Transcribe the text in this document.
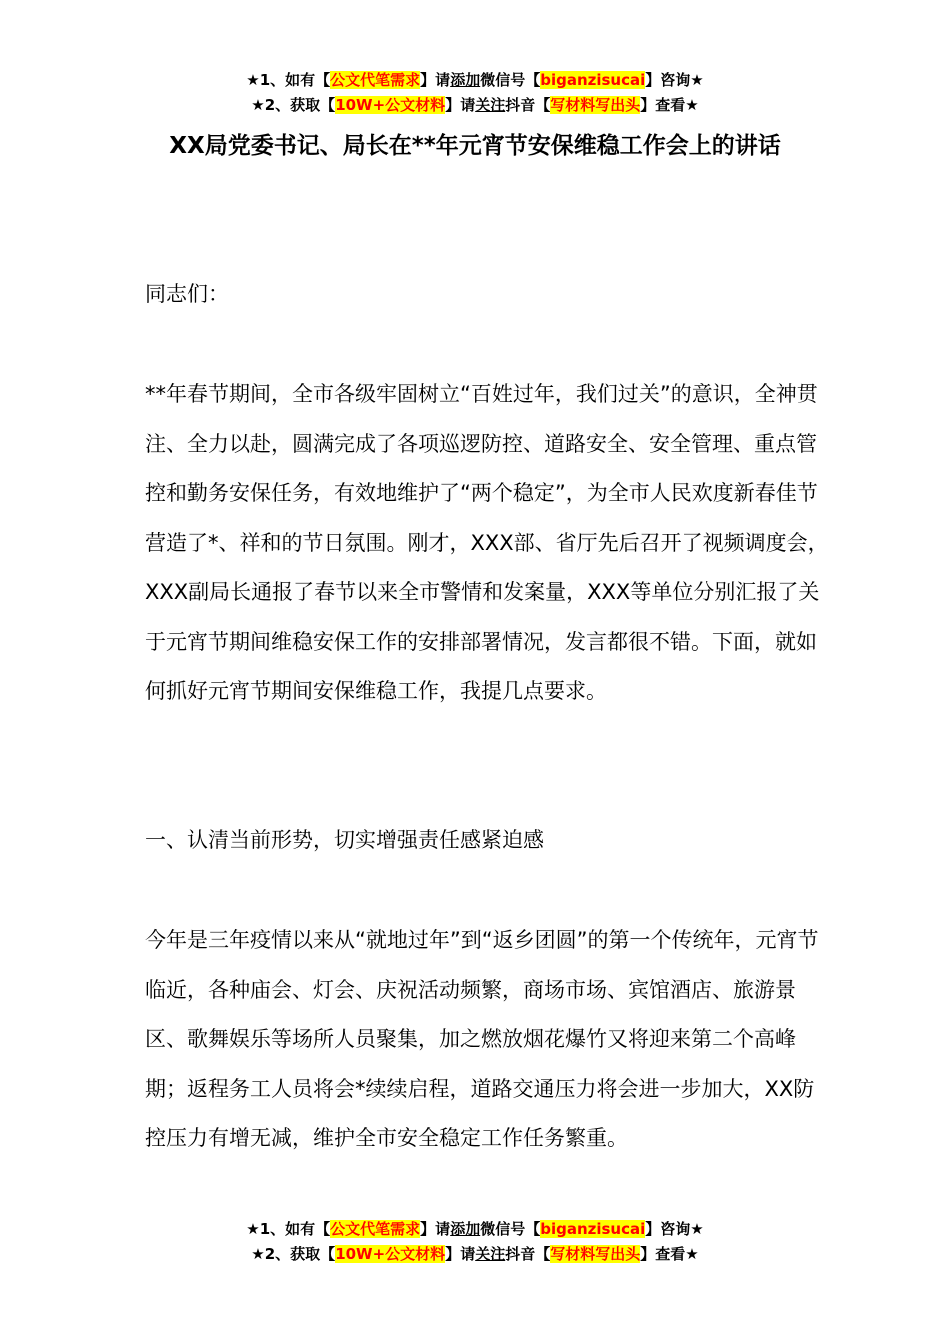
★1、如有【公文代笔需求】请添加微信号【biganzisucai】咨询★
★2、获取【10W+公文材料】请关注抖音【写材料写出头】查看★
XX局党委书记、局长在**年元宵节安保维稳工作会上的讲话

同志们：

**年春节期间，全市各级牢固树立“百姓过年，我们过关”的意识，全神贯注、全力以赴，圆满完成了各项巡逻防控、道路安全、安全管理、重点管控和勤务安保任务，有效地维护了“两个稳定”，为全市人民欢度新春佳节营造了*、祥和的节日氛围。刚才，XXX部、省厅先后召开了视频调度会，XXX副局长通报了春节以来全市警情和发案量，XXX等单位分别汇报了关于元宵节期间维稳安保工作的安排部署情况，发言都很不错。下面，就如何抓好元宵节期间安保维稳工作，我提几点要求。

一、认清当前形势，切实增强责任感紧迫感

今年是三年疫情以来从“就地过年”到“返乡团圆”的第一个传统年，元宵节临近，各种庙会、灯会、庆祝活动频繁，商场市场、宾馆酒店、旅游景区、歌舞娱乐等场所人员聚集，加之燃放烟花爆竹又将迎来第二个高峰期；返程务工人员将会*续续启程，道路交通压力将会进一步加大，XX防控压力有增无减，维护全市安全稳定工作任务繁重。

★1、如有【公文代笔需求】请添加微信号【biganzisucai】咨询★
★2、获取【10W+公文材料】请关注抖音【写材料写出头】查看★
